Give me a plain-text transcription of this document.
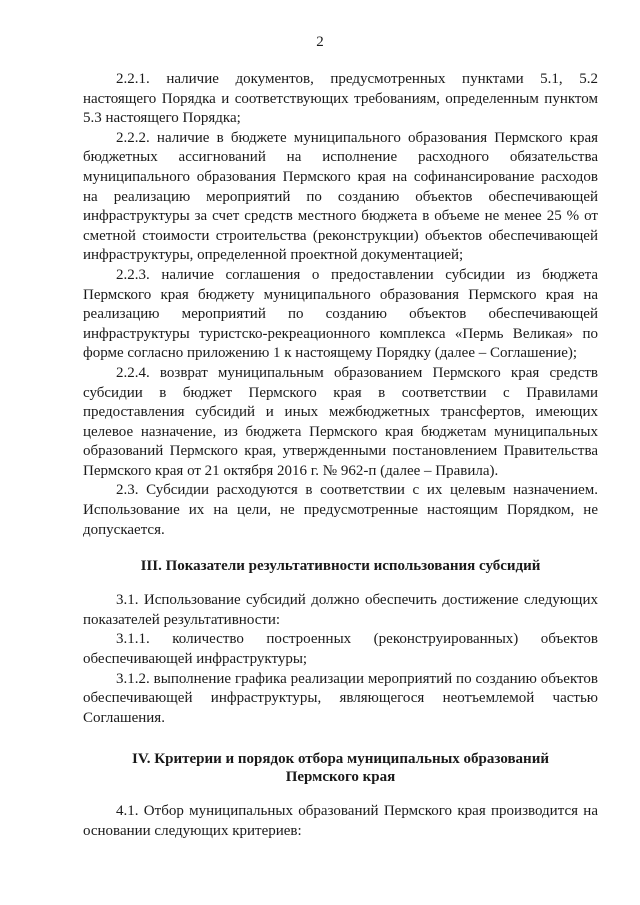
2

2.2.1. наличие документов, предусмотренных пунктами 5.1, 5.2 настоящего Порядка и соответствующих требованиям, определенным пунктом 5.3 настоящего Порядка;

2.2.2. наличие в бюджете муниципального образования Пермского края бюджетных ассигнований на исполнение расходного обязательства муниципального образования Пермского края на софинансирование расходов на реализацию мероприятий по созданию объектов обеспечивающей инфраструктуры за счет средств местного бюджета в объеме не менее 25 % от сметной стоимости строительства (реконструкции) объектов обеспечивающей инфраструктуры, определенной проектной документацией;

2.2.3. наличие соглашения о предоставлении субсидии из бюджета Пермского края бюджету муниципального образования Пермского края на реализацию мероприятий по созданию объектов обеспечивающей инфраструктуры туристско-рекреационного комплекса «Пермь Великая» по форме согласно приложению 1 к настоящему Порядку (далее – Соглашение);

2.2.4. возврат муниципальным образованием Пермского края средств субсидии в бюджет Пермского края в соответствии с Правилами предоставления субсидий и иных межбюджетных трансфертов, имеющих целевое назначение, из бюджета Пермского края бюджетам муниципальных образований Пермского края, утвержденными постановлением Правительства Пермского края от 21 октября 2016 г. № 962-п (далее – Правила).

2.3. Субсидии расходуются в соответствии с их целевым назначением. Использование их на цели, не предусмотренные настоящим Порядком, не допускается.

III. Показатели результативности использования субсидий

3.1. Использование субсидий должно обеспечить достижение следующих показателей результативности:

3.1.1. количество построенных (реконструированных) объектов обеспечивающей инфраструктуры;

3.1.2. выполнение графика реализации мероприятий по созданию объектов обеспечивающей инфраструктуры, являющегося неотъемлемой частью Соглашения.

IV. Критерии и порядок отбора муниципальных образований
Пермского края

4.1. Отбор муниципальных образований Пермского края производится на основании следующих критериев:
